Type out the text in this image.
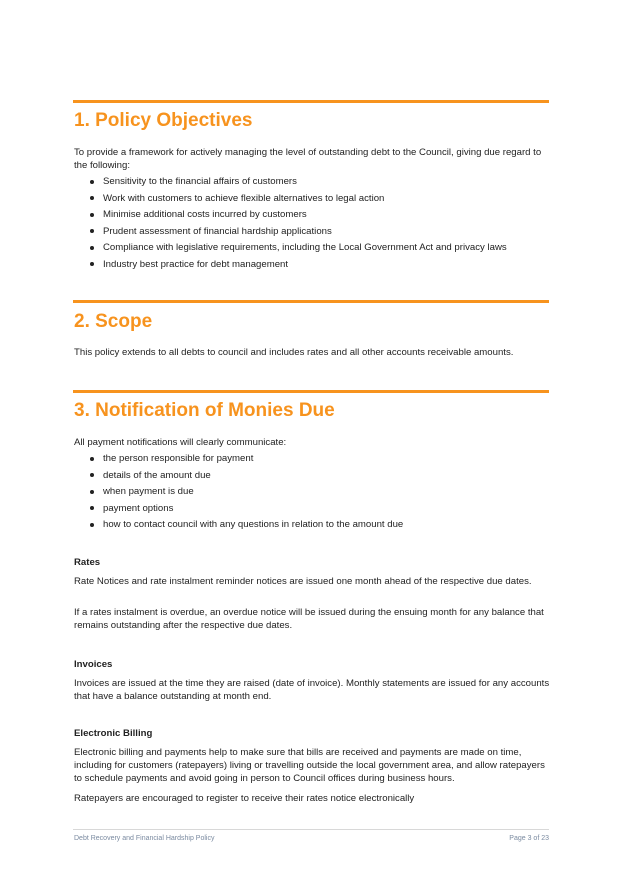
1. Policy Objectives

To provide a framework for actively managing the level of outstanding debt to the Council, giving due regard to the following:

Sensitivity to the financial affairs of customers
Work with customers to achieve flexible alternatives to legal action
Minimise additional costs incurred by customers
Prudent assessment of financial hardship applications
Compliance with legislative requirements, including the Local Government Act and privacy laws
Industry best practice for debt management
2. Scope

This policy extends to all debts to council and includes rates and all other accounts receivable amounts.

3. Notification of Monies Due

All payment notifications will clearly communicate:

the person responsible for payment
details of the amount due
when payment is due
payment options
how to contact council with any questions in relation to the amount due
Rates

Rate Notices and rate instalment reminder notices are issued one month ahead of the respective due dates.

If a rates instalment is overdue, an overdue notice will be issued during the ensuing month for any balance that remains outstanding after the respective due dates.

Invoices

Invoices are issued at the time they are raised (date of invoice). Monthly statements are issued for any accounts that have a balance outstanding at month end.

Electronic Billing

Electronic billing and payments help to make sure that bills are received and payments are made on time, including for customers (ratepayers) living or travelling outside the local government area, and allow ratepayers to schedule payments and avoid going in person to Council offices during business hours.

Ratepayers are encouraged to register to receive their rates notice electronically

Debt Recovery and Financial Hardship Policy	Page 3 of 23
